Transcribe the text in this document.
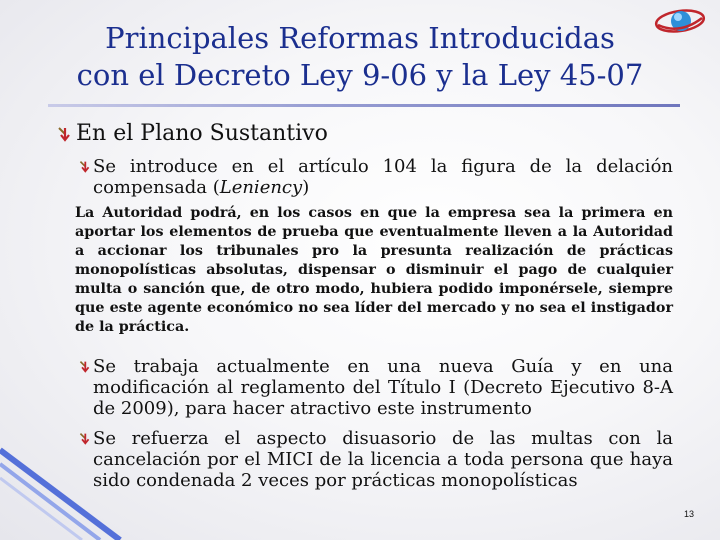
Principales Reformas Introducidas
con el Decreto Ley 9-06 y la Ley 45-07
En el Plano Sustantivo
Se introduce en el artículo 104 la figura de la delación compensada (Leniency)
La Autoridad podrá, en los casos en que la empresa sea la primera en aportar los elementos de prueba que eventualmente lleven a la Autoridad a accionar los tribunales pro la presunta realización de prácticas monopolísticas absolutas, dispensar o disminuir el pago de cualquier multa o sanción que, de otro modo, hubiera podido imponérsele, siempre que este agente económico no sea líder del mercado y no sea el instigador de la práctica.
Se trabaja actualmente en una nueva Guía y en una modificación al reglamento del Título I (Decreto Ejecutivo 8-A de 2009), para hacer atractivo este instrumento
Se refuerza el aspecto disuasorio de las multas con la cancelación por el MICI de la licencia a toda persona que haya sido condenada 2 veces por prácticas monopolísticas
13
